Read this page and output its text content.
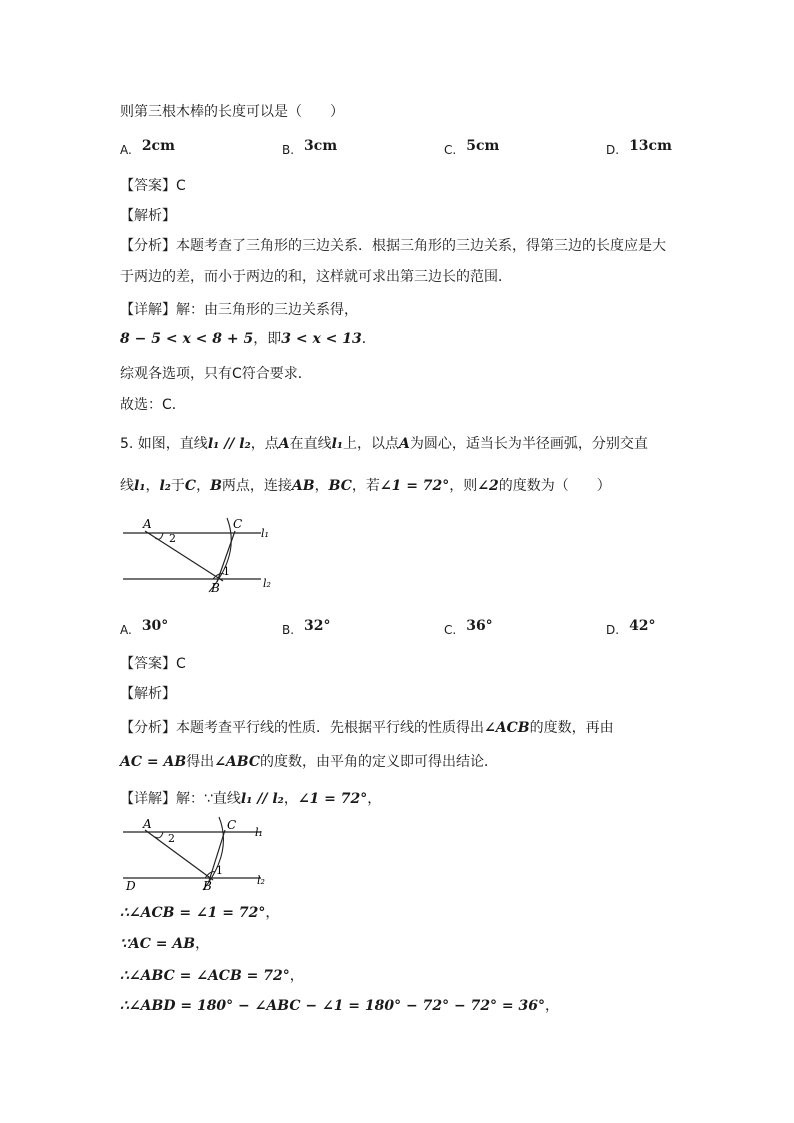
则第三根木棒的长度可以是（　　）
A. 2cm	B. 3cm	C. 5cm	D. 13cm
【答案】C
【解析】
【分析】本题考查了三角形的三边关系．根据三角形的三边关系，得第三边的长度应是大
于两边的差，而小于两边的和，这样就可求出第三边长的范围．
【详解】解：由三角形的三边关系得，
8 − 5 < x < 8 + 5，即3 < x < 13．
综观各选项，只有C符合要求．
故选：C．
5. 如图，直线l₁ // l₂，点A在直线l₁上，以点A为圆心，适当长为半径画弧，分别交直
线l₁，l₂于C，B两点，连接AB，BC，若∠1 = 72°，则∠2的度数为（　　）
A	C
B
l₁
l₂
1
2
A. 30°	B. 32°	C. 36°	D. 42°
【答案】C
【解析】
【分析】本题考查平行线的性质．先根据平行线的性质得出∠ACB的度数，再由
AC = AB得出∠ABC的度数，由平角的定义即可得出结论．
【详解】解：∵直线l₁ // l₂，∠1 = 72°，
A	C
B
D
l₁
l₂
1
2
∴∠ACB = ∠1 = 72°，
∵AC = AB，
∴∠ABC = ∠ACB = 72°，
∴∠ABD = 180° − ∠ABC − ∠1 = 180° − 72° − 72° = 36°，
